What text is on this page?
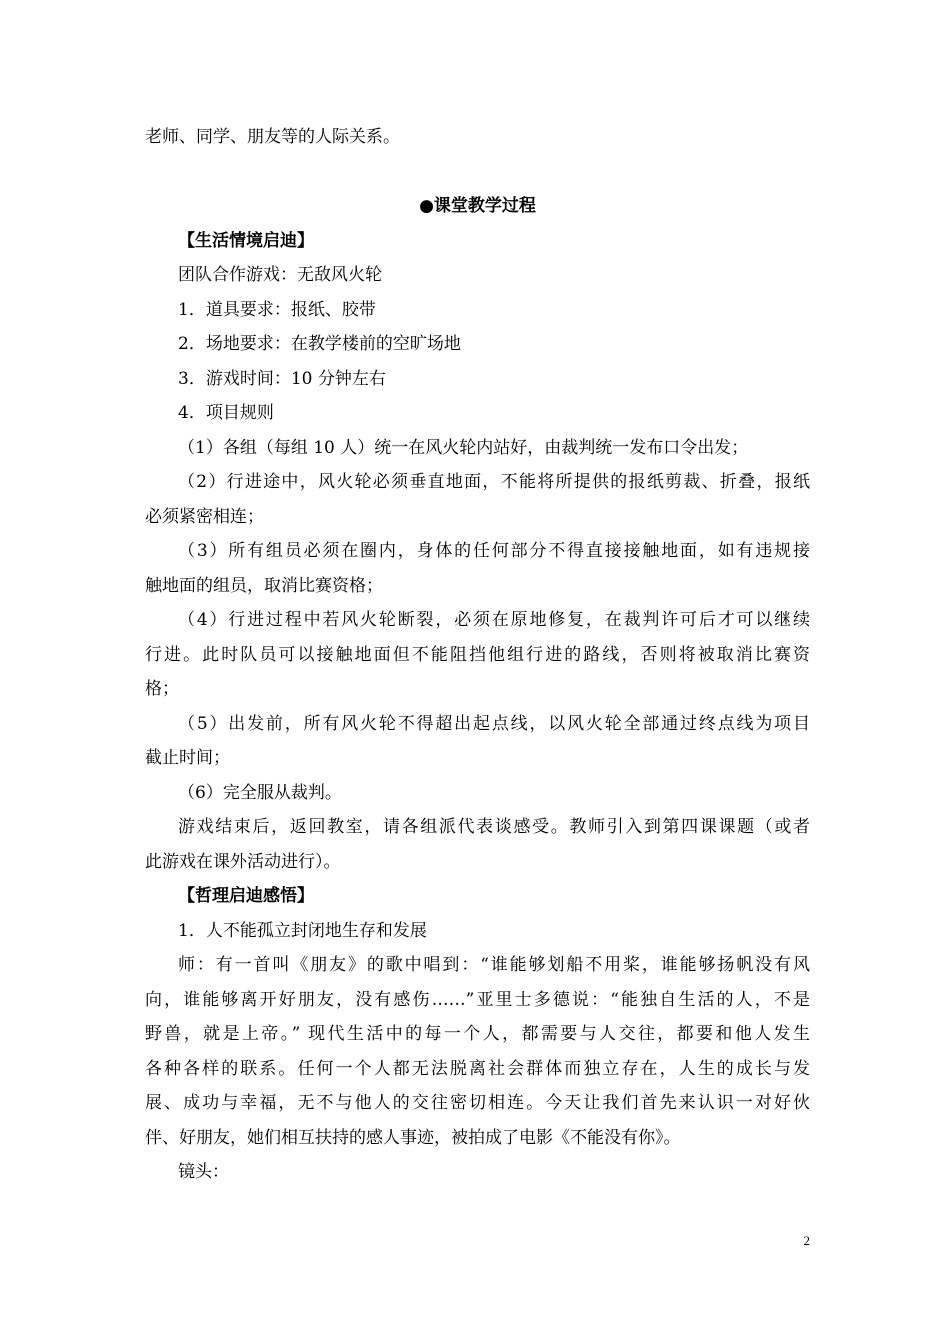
老师、同学、朋友等的人际关系。
●课堂教学过程
【生活情境启迪】
团队合作游戏：无敌风火轮
1．道具要求：报纸、胶带
2．场地要求：在教学楼前的空旷场地
3．游戏时间：10 分钟左右
4．项目规则
（1）各组（每组 10 人）统一在风火轮内站好，由裁判统一发布口令出发；
（2）行进途中，风火轮必须垂直地面，不能将所提供的报纸剪裁、折叠，报纸
必须紧密相连；
（3）所有组员必须在圈内，身体的任何部分不得直接接触地面，如有违规接
触地面的组员，取消比赛资格；
（4）行进过程中若风火轮断裂，必须在原地修复，在裁判许可后才可以继续
行进。此时队员可以接触地面但不能阻挡他组行进的路线，否则将被取消比赛资
格；
（5）出发前，所有风火轮不得超出起点线，以风火轮全部通过终点线为项目
截止时间；
（6）完全服从裁判。
游戏结束后，返回教室，请各组派代表谈感受。教师引入到第四课课题（或者
此游戏在课外活动进行）。
【哲理启迪感悟】
1．人不能孤立封闭地生存和发展
师：有一首叫《朋友》的歌中唱到：“谁能够划船不用桨，谁能够扬帆没有风
向，谁能够离开好朋友，没有感伤……”亚里士多德说：“能独自生活的人，不是
野兽，就是上帝。” 现代生活中的每一个人，都需要与人交往，都要和他人发生
各种各样的联系。任何一个人都无法脱离社会群体而独立存在，人生的成长与发
展、成功与幸福，无不与他人的交往密切相连。今天让我们首先来认识一对好伙
伴、好朋友，她们相互扶持的感人事迹，被拍成了电影《不能没有你》。
镜头：
2
